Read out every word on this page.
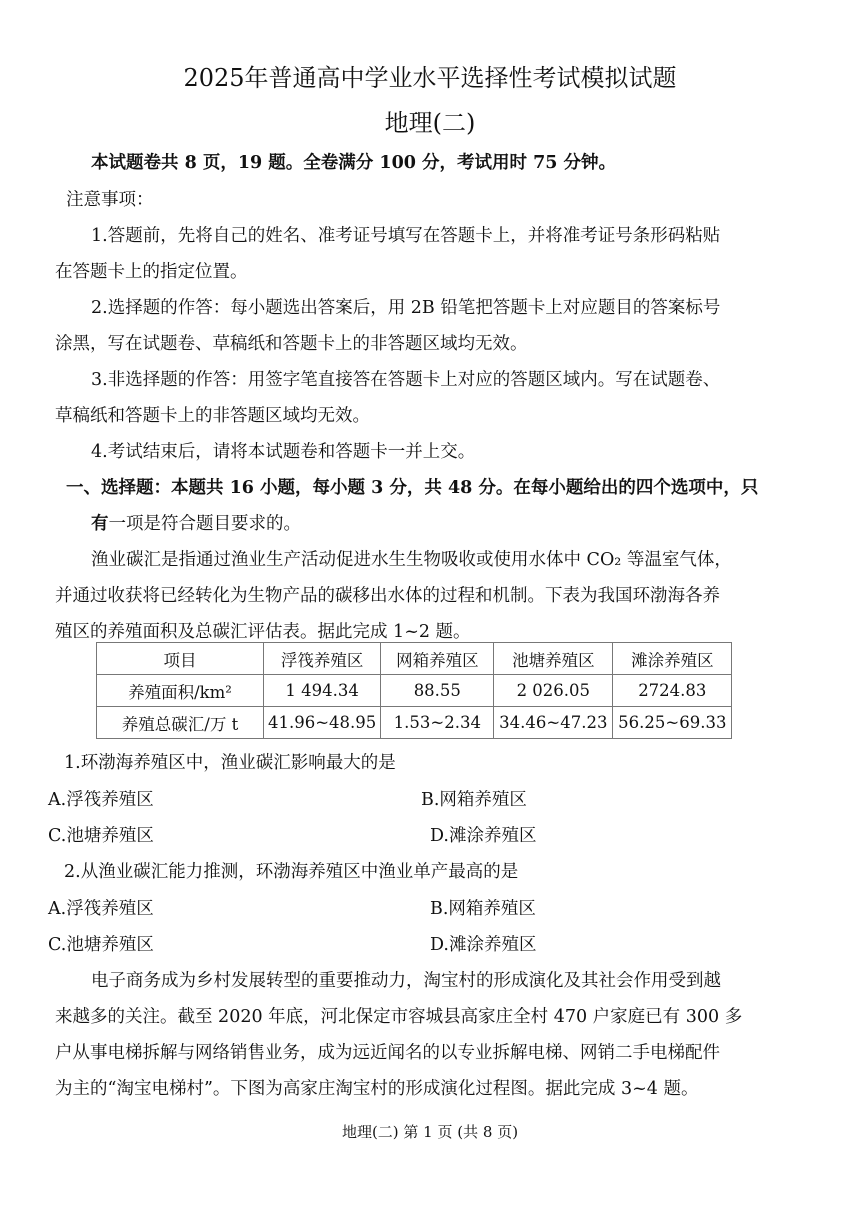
2025年普通高中学业水平选择性考试模拟试题
地理(二)
本试题卷共 8 页，19 题。全卷满分 100 分，考试用时 75 分钟。
注意事项：
1.答题前，先将自己的姓名、准考证号填写在答题卡上，并将准考证号条形码粘贴
在答题卡上的指定位置。
2.选择题的作答：每小题选出答案后，用 2B 铅笔把答题卡上对应题目的答案标号
涂黑，写在试题卷、草稿纸和答题卡上的非答题区域均无效。
3.非选择题的作答：用签字笔直接答在答题卡上对应的答题区域内。写在试题卷、
草稿纸和答题卡上的非答题区域均无效。
4.考试结束后，请将本试题卷和答题卡一并上交。
一、选择题：本题共 16 小题，每小题 3 分，共 48 分。在每小题给出的四个选项中，只
有一项是符合题目要求的。
渔业碳汇是指通过渔业生产活动促进水生生物吸收或使用水体中 CO₂ 等温室气体，
并通过收获将已经转化为生物产品的碳移出水体的过程和机制。下表为我国环渤海各养
殖区的养殖面积及总碳汇评估表。据此完成 1~2 题。
项目	浮筏养殖区	网箱养殖区	池塘养殖区	滩涂养殖区
养殖面积/km²	1 494.34	88.55	2 026.05	2724.83
养殖总碳汇/万 t	41.96~48.95	1.53~2.34	34.46~47.23	56.25~69.33
1.环渤海养殖区中，渔业碳汇影响最大的是
A.浮筏养殖区	B.网箱养殖区
C.池塘养殖区	D.滩涂养殖区
2.从渔业碳汇能力推测，环渤海养殖区中渔业单产最高的是
A.浮筏养殖区	B.网箱养殖区
C.池塘养殖区	D.滩涂养殖区
电子商务成为乡村发展转型的重要推动力，淘宝村的形成演化及其社会作用受到越
来越多的关注。截至 2020 年底，河北保定市容城县高家庄全村 470 户家庭已有 300 多
户从事电梯拆解与网络销售业务，成为远近闻名的以专业拆解电梯、网销二手电梯配件
为主的“淘宝电梯村”。下图为高家庄淘宝村的形成演化过程图。据此完成 3~4 题。
地理(二) 第 1 页 (共 8 页)
